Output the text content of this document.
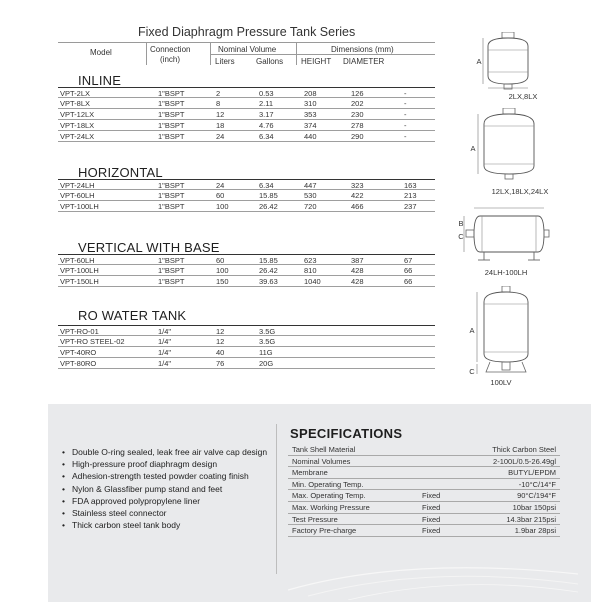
Fixed Diaphragm Pressure Tank Series
Model	Connection
(inch)
Nominal Volume
Liters	Gallons
Dimensions (mm)
HEIGHT DIAMETER
INLINE
VPT-2LX	1"BSPT	2	0.53	208	126	-
VPT-8LX	1"BSPT	8	2.11	310	202	-
VPT-12LX	1"BSPT	12	3.17	353	230	-
VPT-18LX	1"BSPT	18	4.76	374	278	-
VPT-24LX	1"BSPT	24	6.34	440	290	-
HORIZONTAL
VPT-24LH	1"BSPT	24	6.34	447	323	163
VPT-60LH	1"BSPT	60	15.85	530	422	213
VPT-100LH	1"BSPT	100	26.42	720	466	237
VERTICAL WITH BASE
VPT-60LH	1"BSPT	60	15.85	623	387	67
VPT-100LH	1"BSPT	100	26.42	810	428	66
VPT-150LH	1"BSPT	150	39.63	1040	428	66
RO WATER TANK
VPT-RO-01	1/4"	12	3.5G
VPT-RO STEEL-02	1/4"	12	3.5G
VPT-40RO	1/4"	40	11G
VPT-80RO	1/4"	76	20G
A
2LX,8LX
A
12LX,18LX,24LX
B
C
24LH-100LH
A
C
100LV
• Double O-ring sealed, leak free air valve cap design
• High-pressure proof diaphragm design
• Adhesion-strength tested powder coating finish
• Nylon & Glassfiber pump stand and feet
• FDA approved polypropylene liner
• Stainless steel connector
• Thick carbon steel tank body
SPECIFICATIONS
Tank Shell Material	Thick Carbon Steel
Nominal Volumes	2-100L/0.5-26.49gl
Membrane	BUTYL/EPDM
Min. Operating Temp.	-10°C/14°F
Max. Operating Temp.	Fixed	90°C/194°F
Max. Working Pressure	Fixed	10bar 150psi
Test Pressure	Fixed	14.3bar 215psi
Factory Pre-charge	Fixed	1.9bar 28psi
